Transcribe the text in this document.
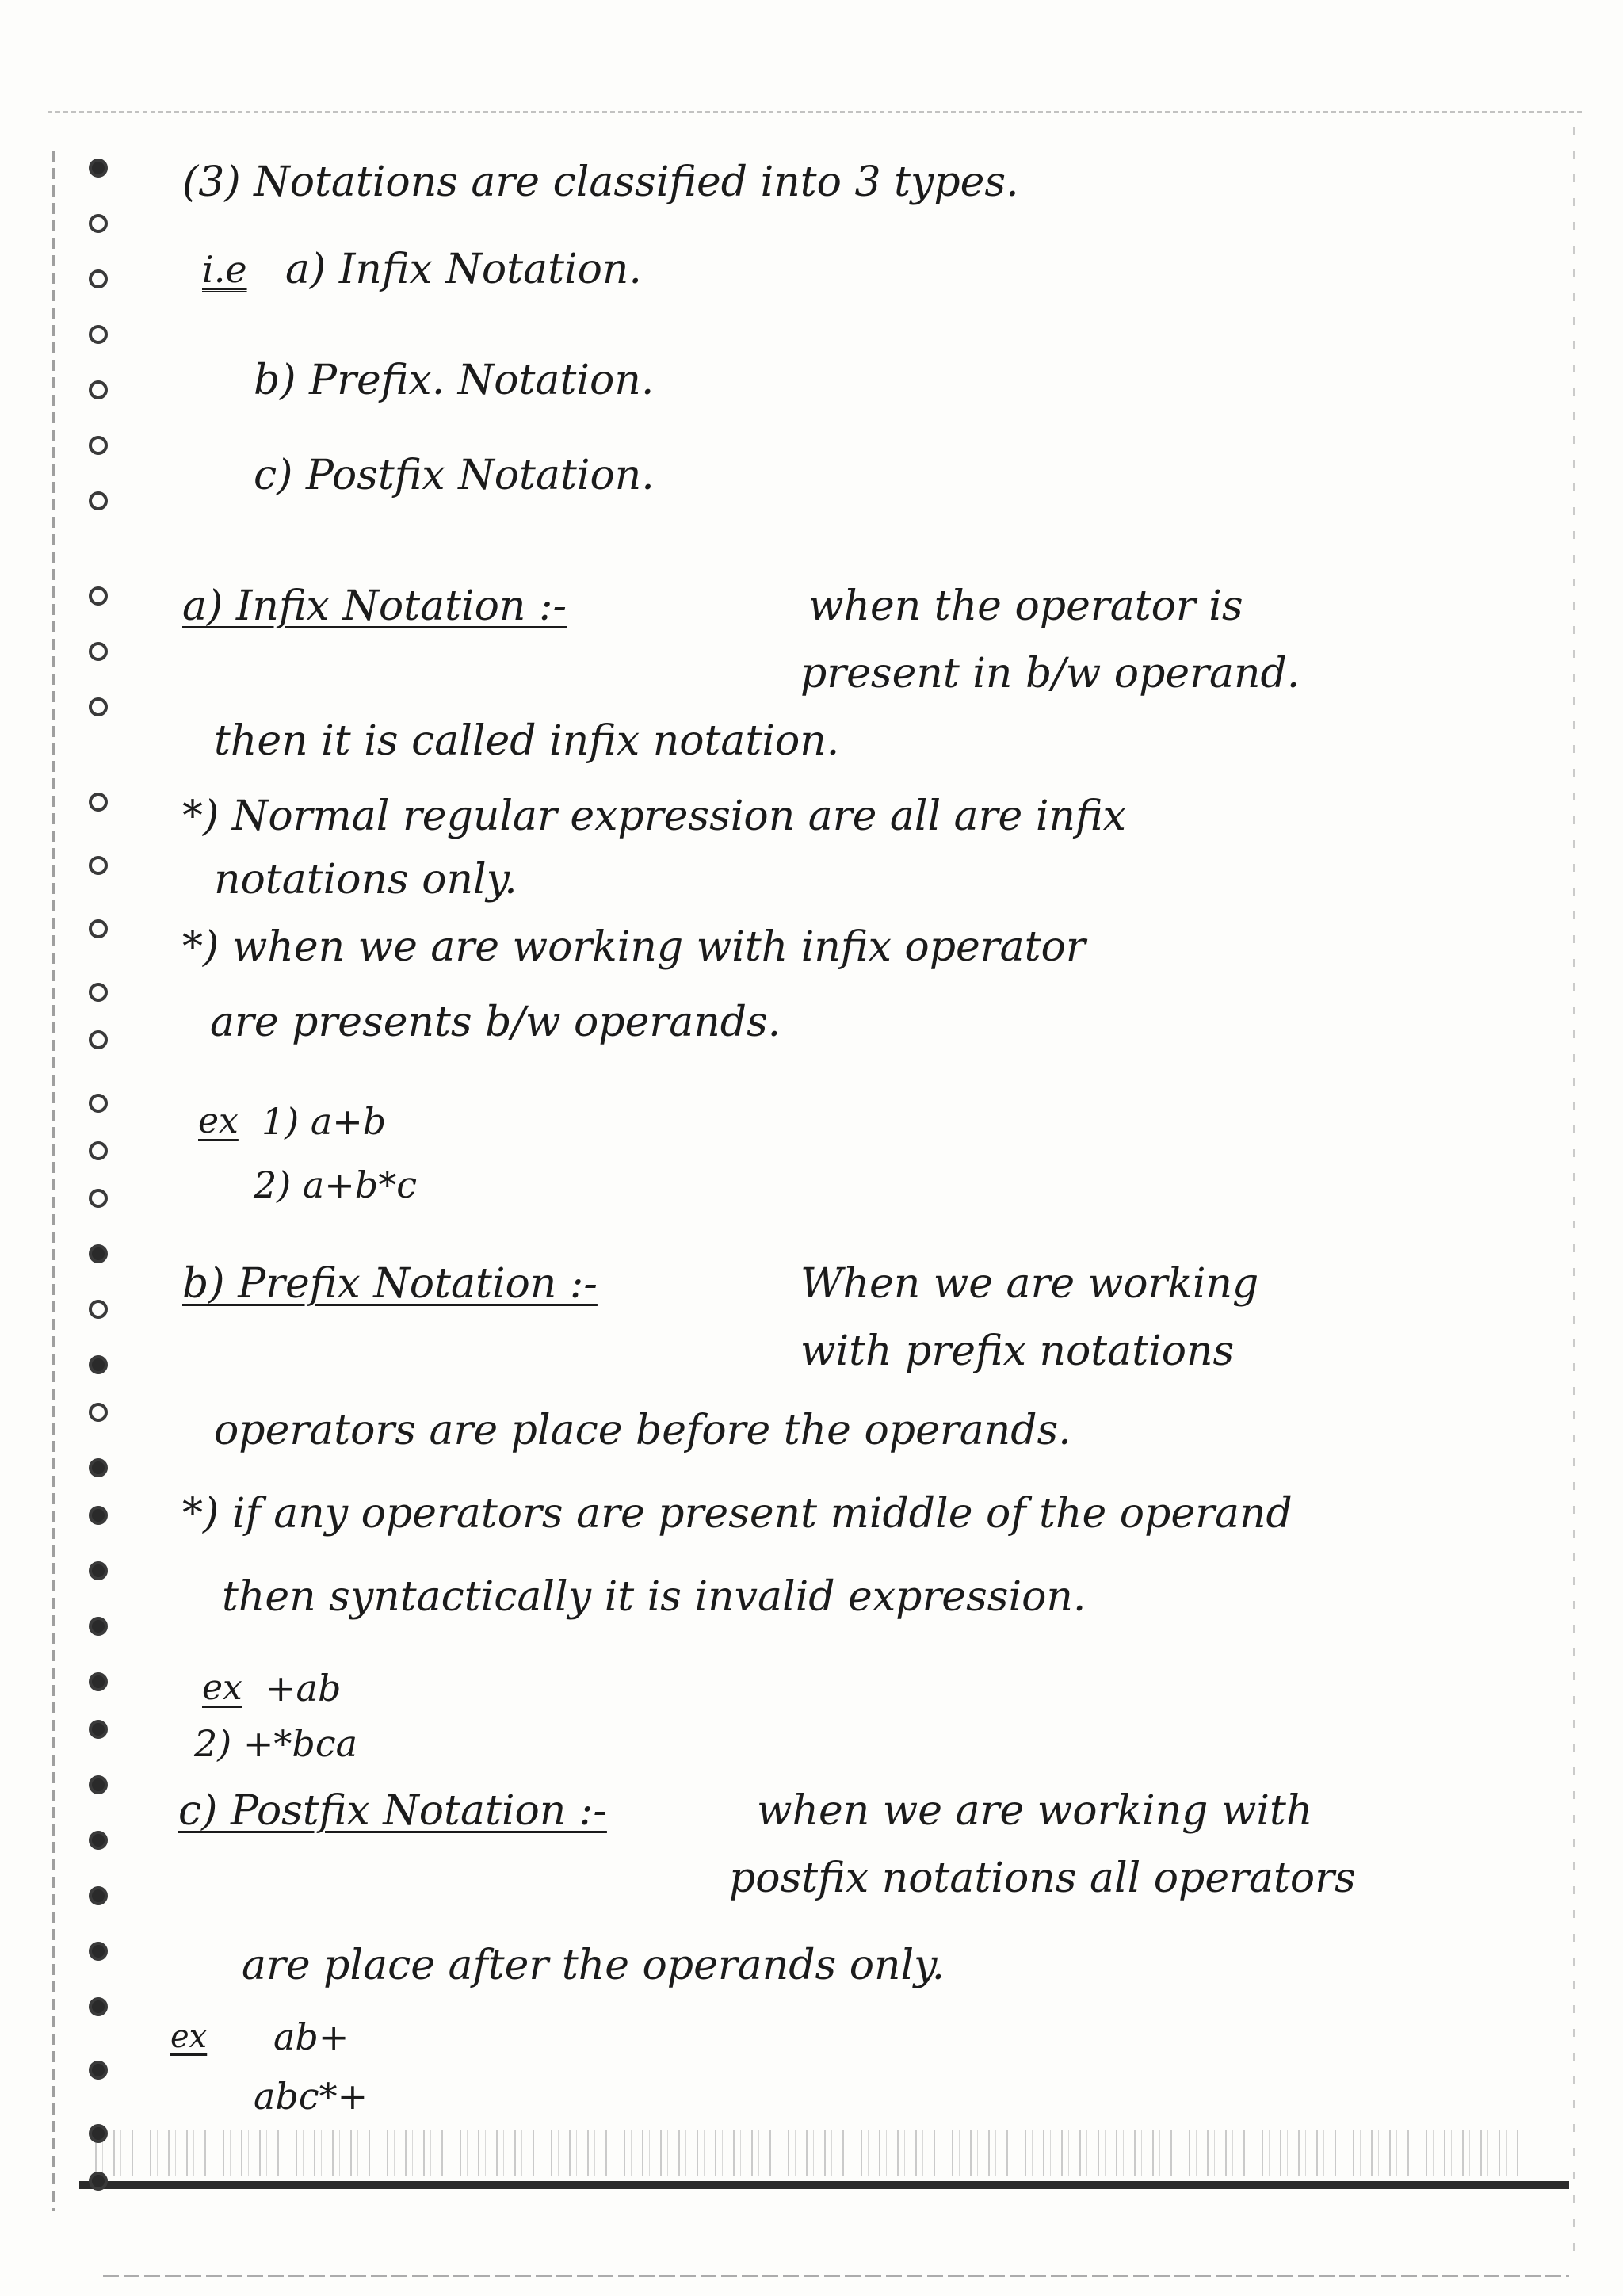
(3) Notations are classified into 3 types.
i.e a) Infix Notation.
b) Prefix. Notation.
c) Postfix Notation.
a) Infix Notation :-	when the operator is
present in b/w operand.
then it is called infix notation.
*) Normal regular expression are all are infix
notations only.
*) when we are working with infix operator
are presents b/w operands.
ex 1) a+b
2) a+b*c
b) Prefix Notation :-	When we are working
with prefix notations
operators are place before the operands.
*) if any operators are present middle of the operand
then syntactically it is invalid expression.
ex +ab
2) +*bca
c) Postfix Notation :-	when we are working with
postfix notations all operators
are place after the operands only.
ex ab+
abc*+
